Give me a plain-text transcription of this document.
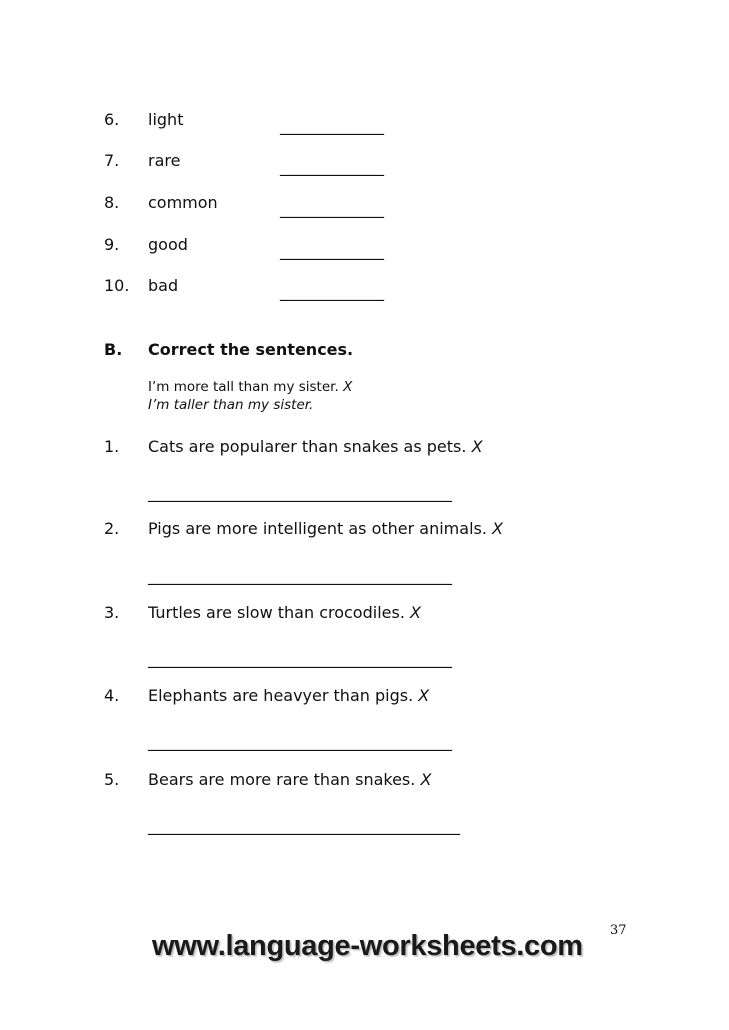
6. light	_____________
7. rare	_____________
8. common	_____________
9. good	_____________
10. bad	_____________
B. Correct the sentences.
I’m more tall than my sister. X
I’m taller than my sister.
1. Cats are popularer than snakes as pets. X
______________________________________
2. Pigs are more intelligent as other animals. X
______________________________________
3. Turtles are slow than crocodiles. X
______________________________________
4. Elephants are heavyer than pigs. X
______________________________________
5. Bears are more rare than snakes. X
_______________________________________
37
www.language-worksheets.com
